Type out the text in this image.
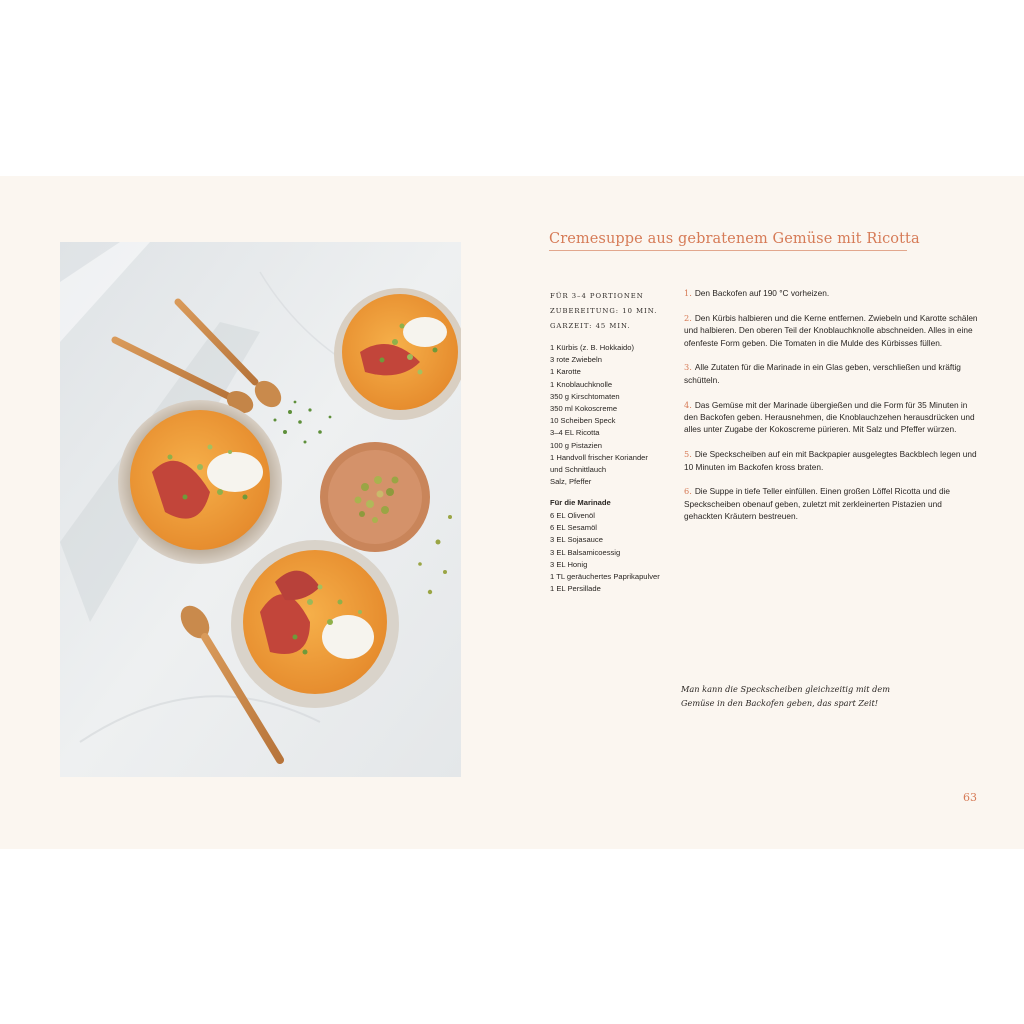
Cremesuppe aus gebratenem Gemüse mit Ricotta
FÜR 3–4 PORTIONEN
ZUBEREITUNG: 10 MIN.
GARZEIT: 45 MIN.
1 Kürbis (z. B. Hokkaido)
3 rote Zwiebeln
1 Karotte
1 Knoblauchknolle
350 g Kirschtomaten
350 ml Kokoscreme
10 Scheiben Speck
3–4 EL Ricotta
100 g Pistazien
1 Handvoll frischer Koriander und Schnittlauch
Salz, Pfeffer
Für die Marinade
6 EL Olivenöl
6 EL Sesamöl
3 EL Sojasauce
3 EL Balsamicoessig
3 EL Honig
1 TL geräuchertes Paprikapulver
1 EL Persillade
1. Den Backofen auf 190 °C vorheizen.
2. Den Kürbis halbieren und die Kerne entfernen. Zwiebeln und Karotte schälen und halbieren. Den oberen Teil der Knoblauchknolle abschneiden. Alles in eine ofenfeste Form geben. Die Tomaten in die Mulde des Kürbisses füllen.
3. Alle Zutaten für die Marinade in ein Glas geben, verschließen und kräftig schütteln.
4. Das Gemüse mit der Marinade übergießen und die Form für 35 Minuten in den Backofen geben. Herausnehmen, die Knoblauchzehen herausdrücken und alles unter Zugabe der Kokoscreme pürieren. Mit Salz und Pfeffer würzen.
5. Die Speckscheiben auf ein mit Backpapier ausgelegtes Backblech legen und 10 Minuten im Backofen kross braten.
6. Die Suppe in tiefe Teller einfüllen. Einen großen Löffel Ricotta und die Speckscheiben obenauf geben, zuletzt mit zerkleinerten Pistazien und gehackten Kräutern bestreuen.
Man kann die Speckscheiben gleichzeitig mit dem Gemüse in den Backofen geben, das spart Zeit!
63
